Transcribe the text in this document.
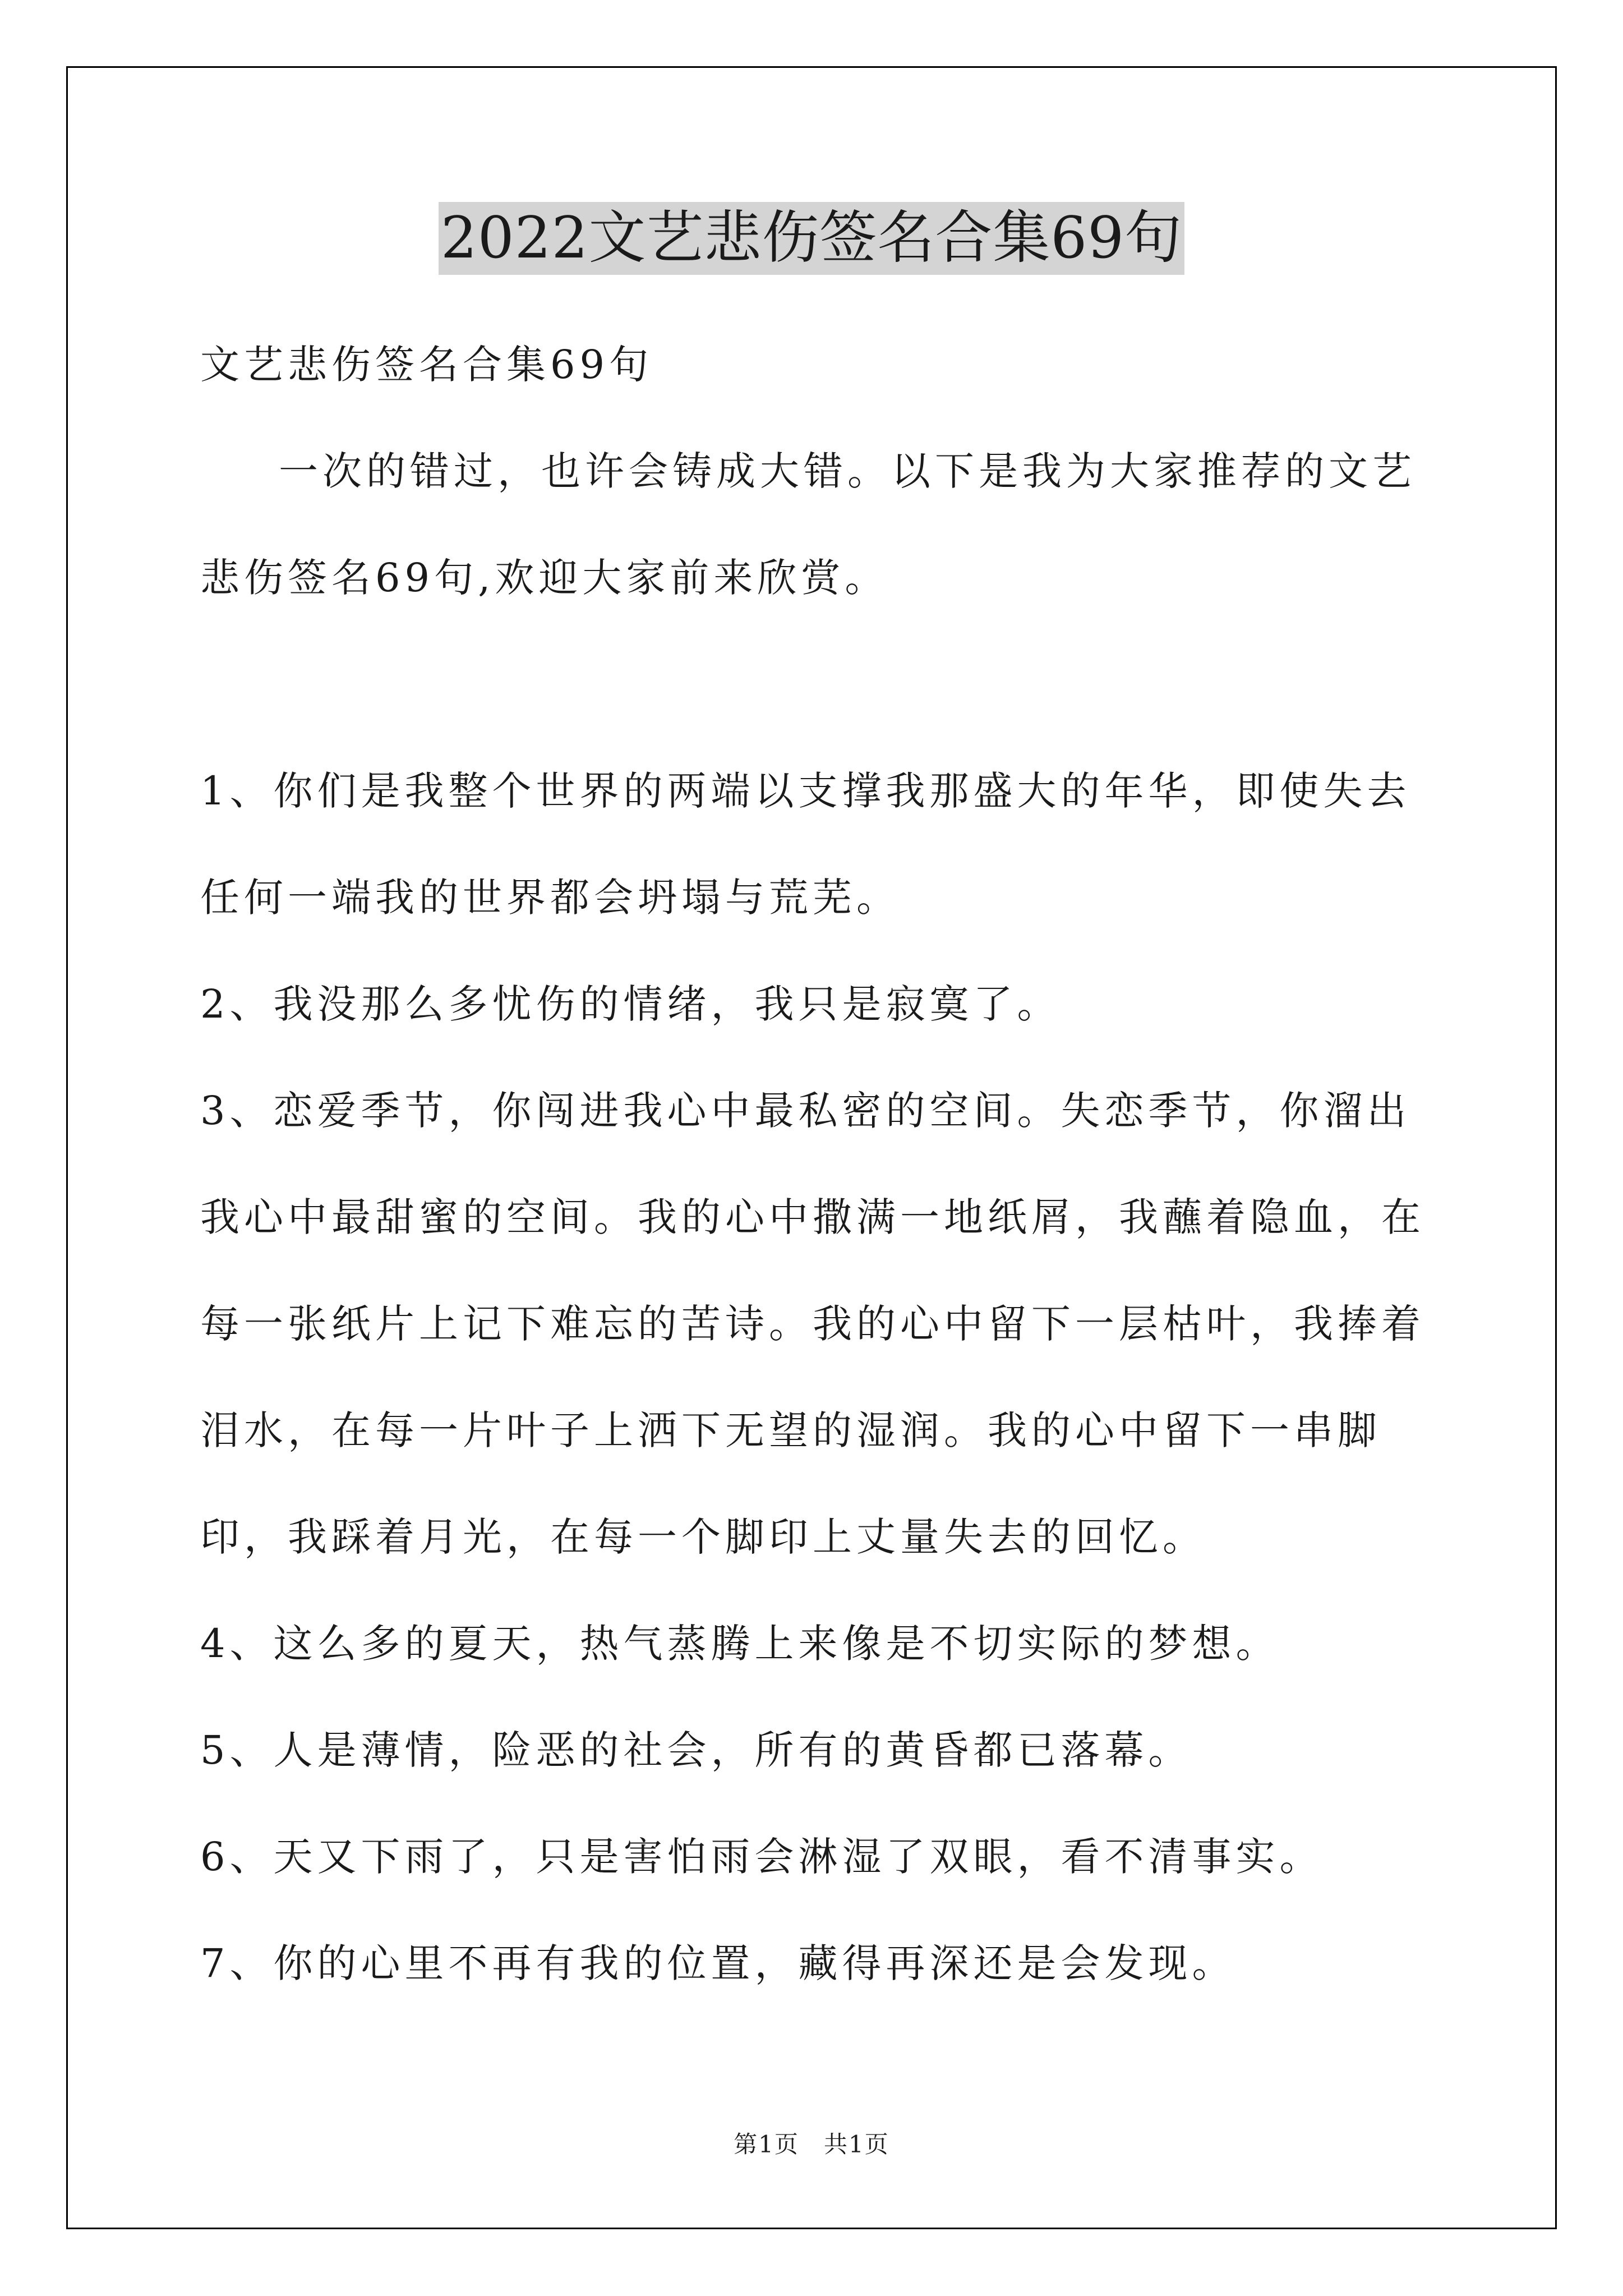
2022文艺悲伤签名合集69句
文艺悲伤签名合集69句
一次的错过，也许会铸成大错。以下是我为大家推荐的文艺悲伤签名69句,欢迎大家前来欣赏。
1、你们是我整个世界的两端以支撑我那盛大的年华，即使失去任何一端我的世界都会坍塌与荒芜。
2、我没那么多忧伤的情绪，我只是寂寞了。
3、恋爱季节，你闯进我心中最私密的空间。失恋季节，你溜出我心中最甜蜜的空间。我的心中撒满一地纸屑，我蘸着隐血，在每一张纸片上记下难忘的苦诗。我的心中留下一层枯叶，我捧着泪水，在每一片叶子上洒下无望的湿润。我的心中留下一串脚印，我踩着月光，在每一个脚印上丈量失去的回忆。
4、这么多的夏天，热气蒸腾上来像是不切实际的梦想。
5、人是薄情，险恶的社会，所有的黄昏都已落幕。
6、天又下雨了，只是害怕雨会淋湿了双眼，看不清事实。
7、你的心里不再有我的位置，藏得再深还是会发现。
第1页　共1页
